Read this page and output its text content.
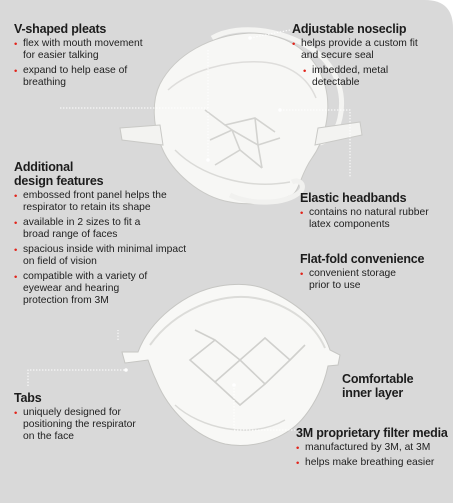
V-shaped pleats
• flex with mouth movement for easier talking
• expand to help ease of breathing
Adjustable noseclip
• helps provide a custom fit and secure seal
• imbedded, metal detectable
Additional
design features
• embossed front panel helps the respirator to retain its shape
• available in 2 sizes to fit a broad range of faces
• spacious inside with minimal impact on field of vision
• compatible with a variety of eyewear and hearing protection from 3M
Elastic headbands
• contains no natural rubber latex components
Flat-fold convenience
• convenient storage prior to use
Comfortable
inner layer
Tabs
• uniquely designed for positioning the respirator on the face	3M proprietary filter media
• manufactured by 3M, at 3M
• helps make breathing easier
